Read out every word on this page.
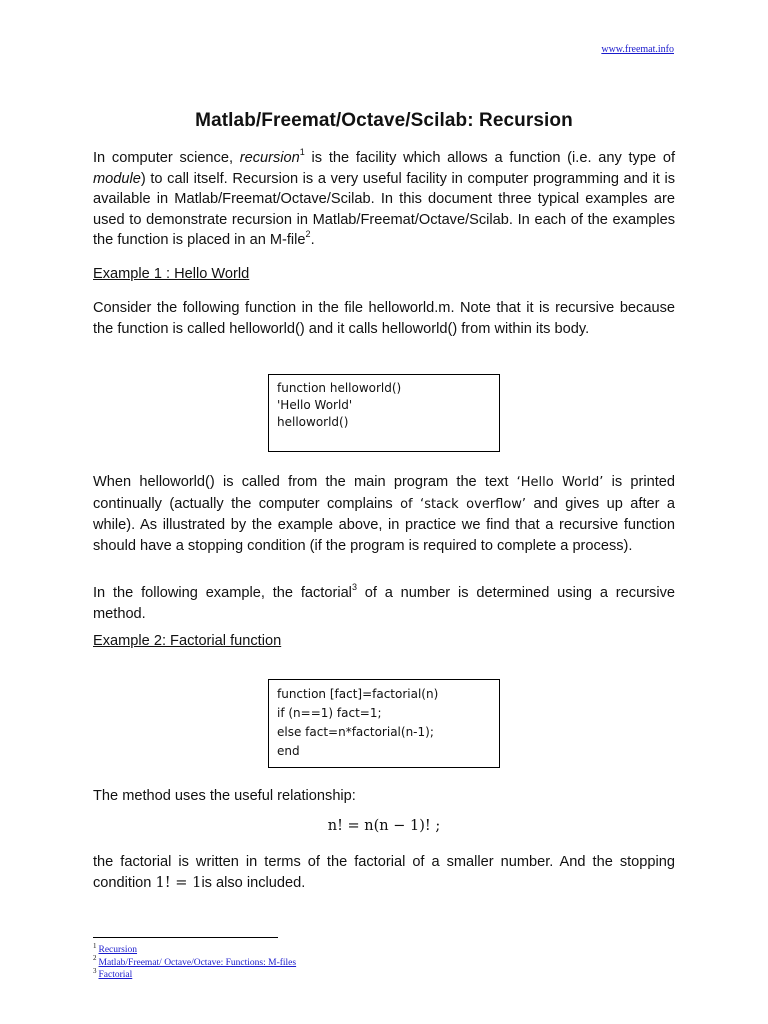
www.freemat.info
Matlab/Freemat/Octave/Scilab: Recursion

In computer science, recursion$^1$ is the facility which allows a function (i.e. any type of module) to call itself. Recursion is a very useful facility in computer programming and it is available in Matlab/Freemat/Octave/Scilab. In this document three typical examples are used to demonstrate recursion in Matlab/Freemat/Octave/Scilab. In each of the examples the function is placed in an M-file$^2$.

Example 1 : Hello World

Consider the following function in the file helloworld.m. Note that it is recursive because the function is called helloworld() and it calls helloworld() from within its body.

function helloworld()
'Hello World'
helloworld()

When helloworld() is called from the main program the text ‘Hello World’ is printed continually (actually the computer complains of ‘stack overflow’ and gives up after a while). As illustrated by the example above, in practice we find that a recursive function should have a stopping condition (if the program is required to complete a process).

In the following example, the factorial$^3$ of a number is determined using a recursive method.

Example 2: Factorial function
function [fact]=factorial(n)
if (n==1) fact=1;
else fact=n*factorial(n-1);
end

The method uses the useful relationship:

n! = n(n − 1)! ;

the factorial is written in terms of the factorial of a smaller number. And the stopping condition 1! = 1is also included.

$^1$ Recursion
$^2$ Matlab/Freemat/ Octave/Octave: Functions: M-files
$^3$ Factorial
